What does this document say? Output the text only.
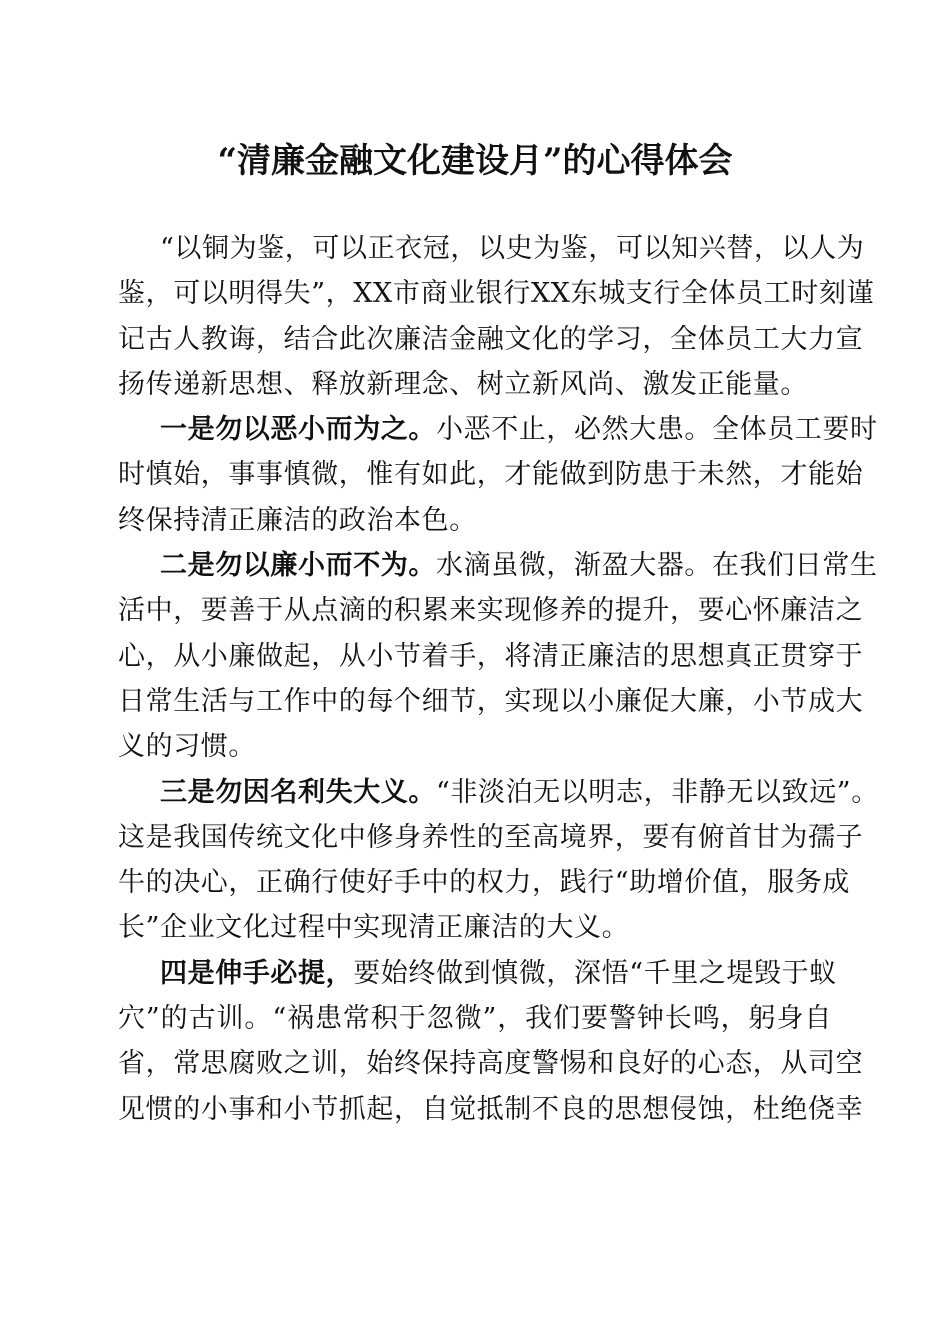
“清廉金融文化建设月”的心得体会

“以铜为鉴，可以正衣冠，以史为鉴，可以知兴替，以人为
鉴，可以明得失”，XX市商业银行XX东城支行全体员工时刻谨
记古人教诲，结合此次廉洁金融文化的学习，全体员工大力宣
扬传递新思想、释放新理念、树立新风尚、激发正能量。

一是勿以恶小而为之。小恶不止，必然大患。全体员工要时
时慎始，事事慎微，惟有如此，才能做到防患于未然，才能始
终保持清正廉洁的政治本色。

二是勿以廉小而不为。水滴虽微，渐盈大器。在我们日常生
活中，要善于从点滴的积累来实现修养的提升，要心怀廉洁之
心，从小廉做起，从小节着手，将清正廉洁的思想真正贯穿于
日常生活与工作中的每个细节，实现以小廉促大廉，小节成大
义的习惯。

三是勿因名利失大义。“非淡泊无以明志，非静无以致远”。
这是我国传统文化中修身养性的至高境界，要有俯首甘为孺子
牛的决心，正确行使好手中的权力，践行“助增价值，服务成
长”企业文化过程中实现清正廉洁的大义。

四是伸手必提，要始终做到慎微，深悟“千里之堤毁于蚁
穴”的古训。“祸患常积于忽微”，我们要警钟长鸣，躬身自
省，常思腐败之训，始终保持高度警惕和良好的心态，从司空
见惯的小事和小节抓起，自觉抵制不良的思想侵蚀，杜绝侥幸
